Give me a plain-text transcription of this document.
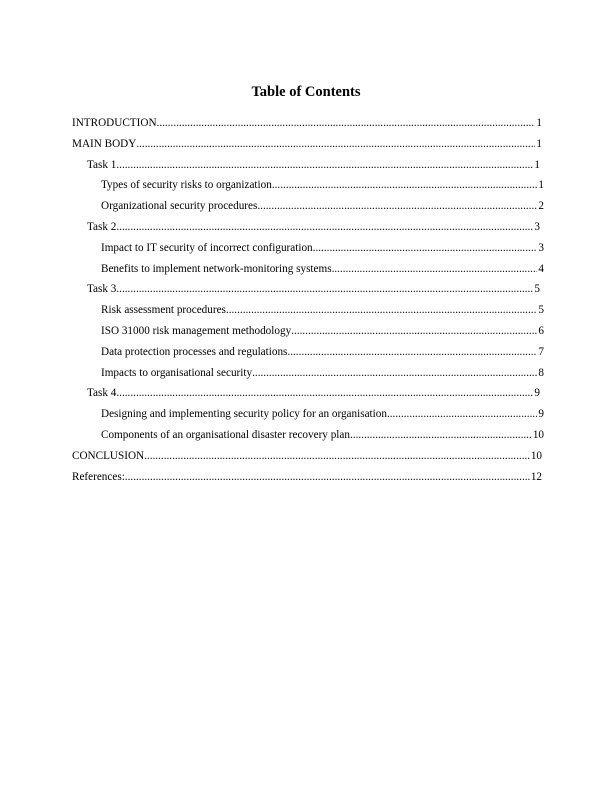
Table of Contents
INTRODUCTION .....	1
MAIN BODY .....	1
Task 1 .....	1
Types of security risks to organization .....	1
Organizational security procedures .....	2
Task 2 .....	3
Impact to IT security of incorrect configuration .....	3
Benefits to implement network-monitoring systems .....	4
Task 3 .....	5
Risk assessment procedures .....	5
ISO 31000 risk management methodology .....	6
Data protection processes and regulations .....	7
Impacts to organisational security .....	8
Task 4 .....	9
Designing and implementing security policy for an organisation .....	9
Components of an organisational disaster recovery plan .....	10
CONCLUSION .....	10
References: .....	12
